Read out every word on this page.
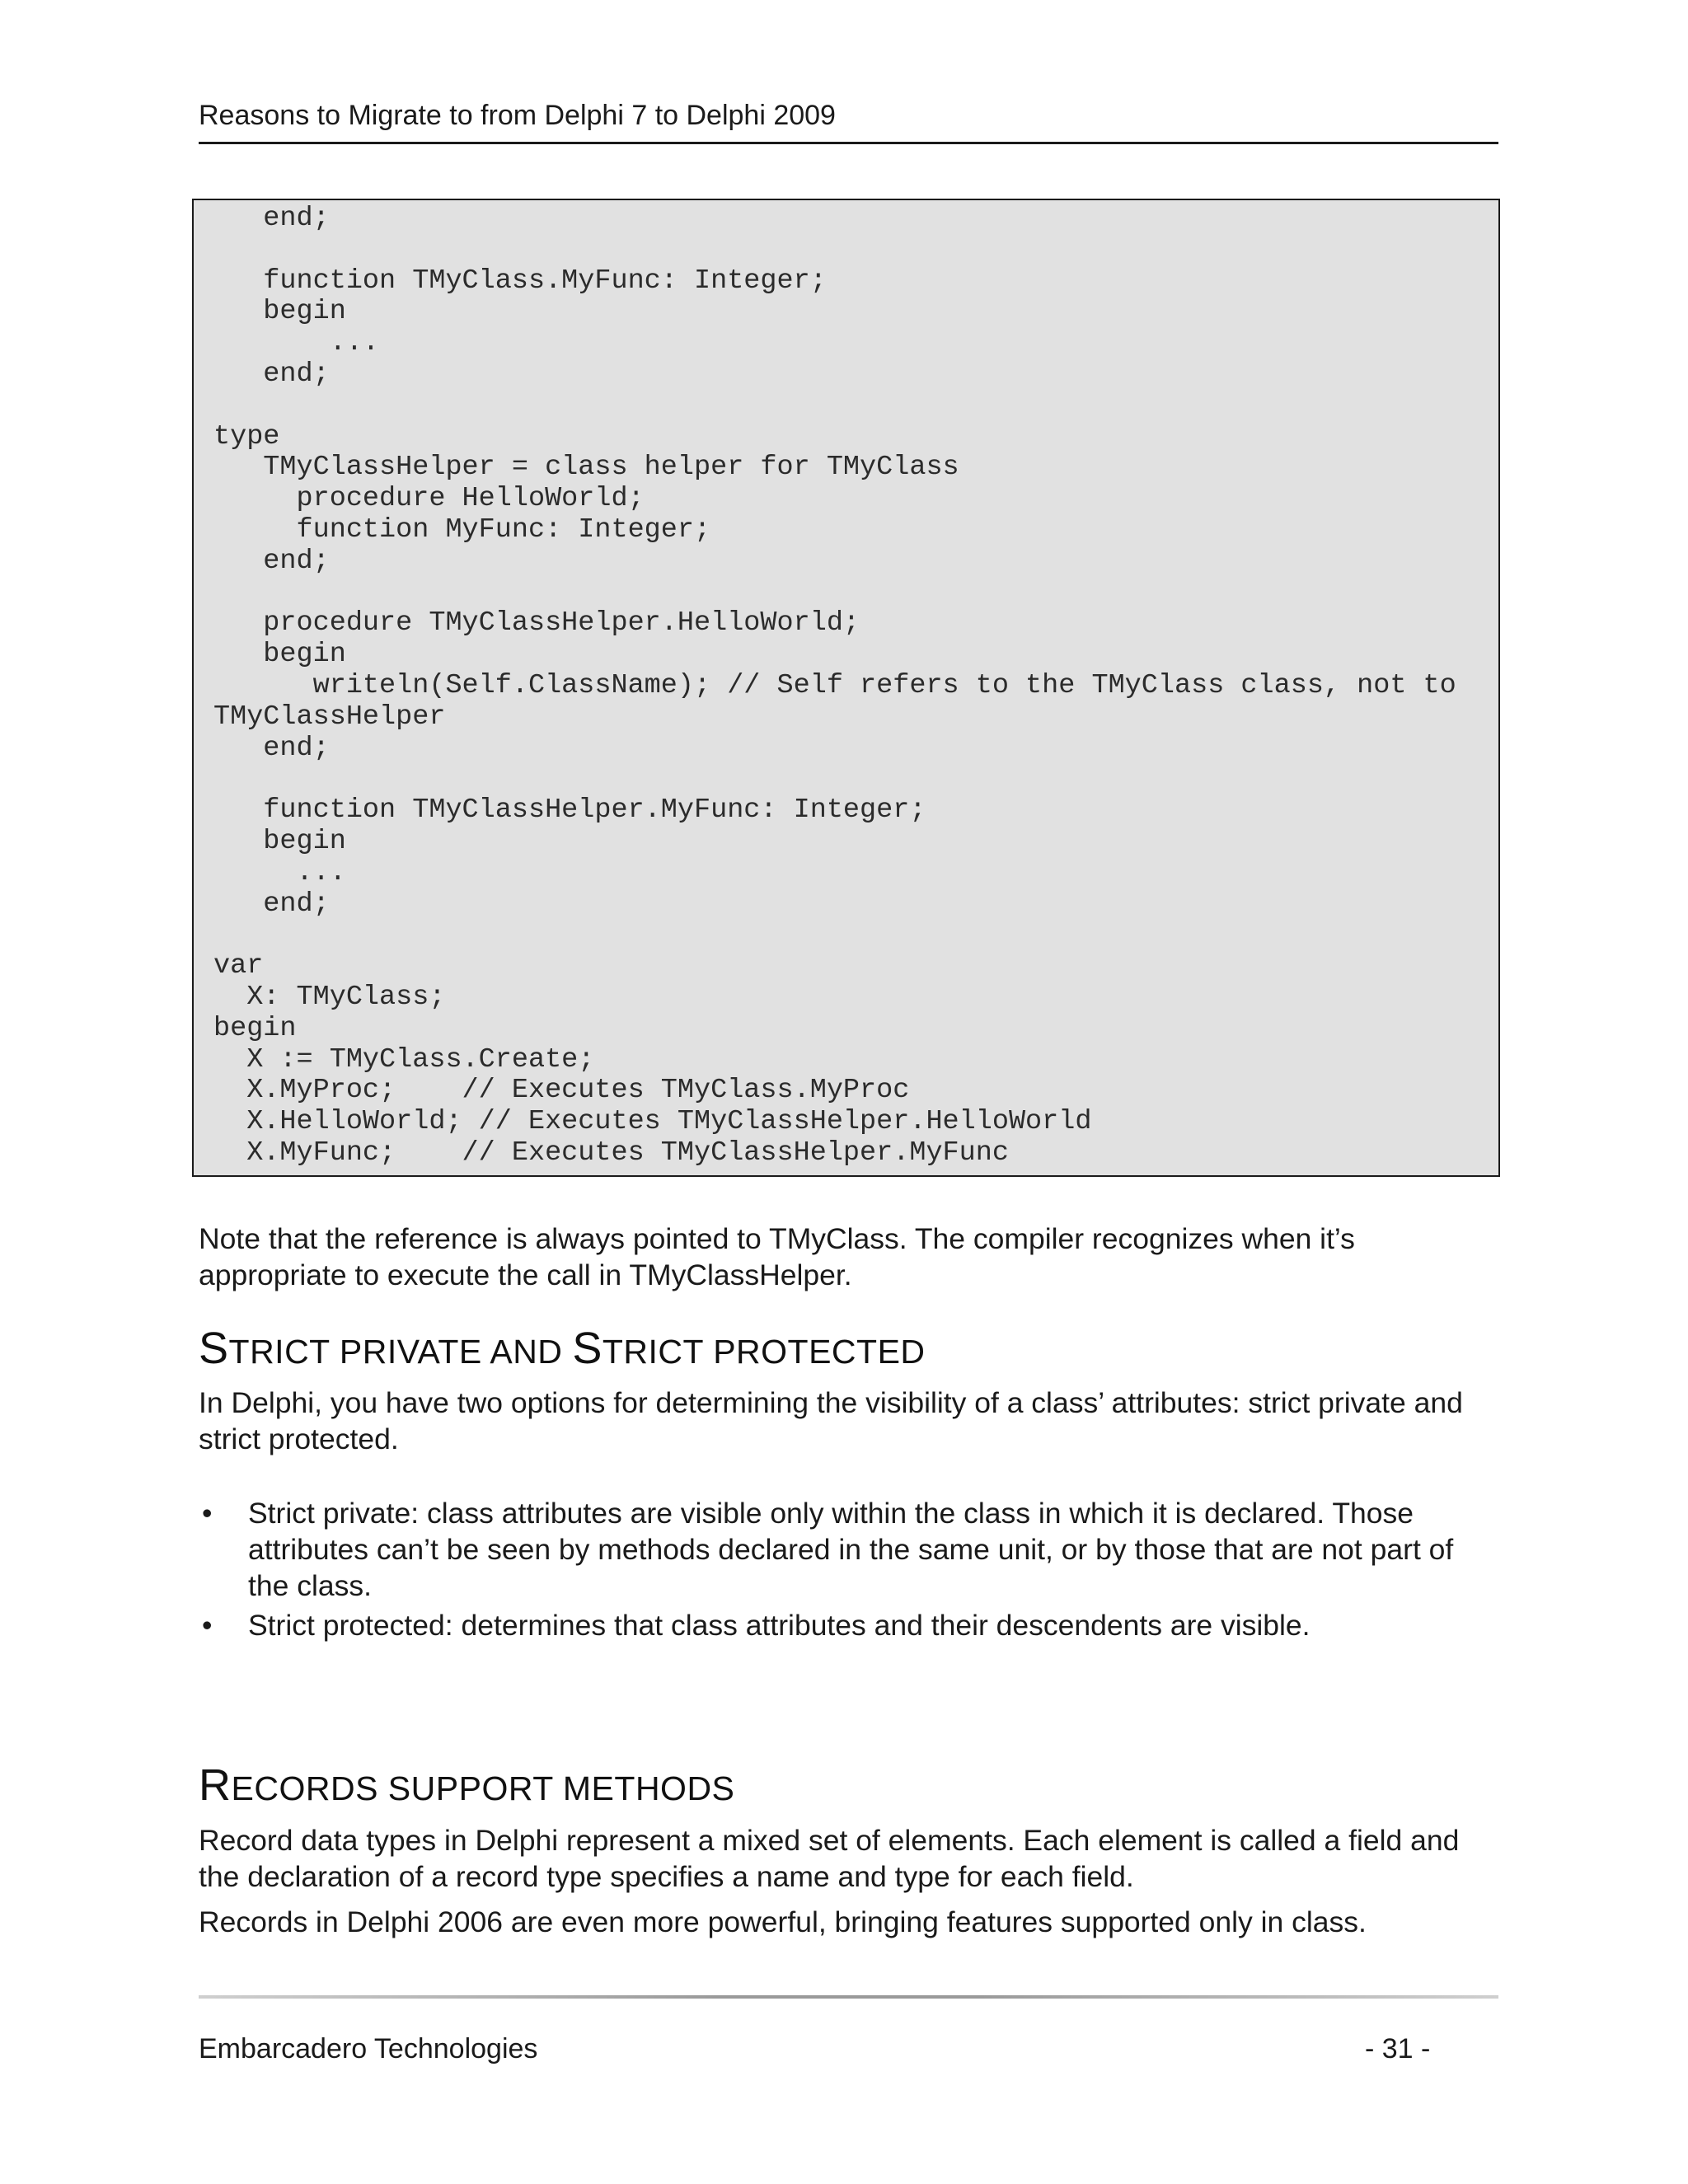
Reasons to Migrate to from Delphi 7 to Delphi 2009
end;
function TMyClass.MyFunc: Integer;
begin
...
end;
type
TMyClassHelper = class helper for TMyClass
procedure HelloWorld;
function MyFunc: Integer;
end;
procedure TMyClassHelper.HelloWorld;
begin
writeln(Self.ClassName); // Self refers to the TMyClass class, not to
TMyClassHelper
end;
function TMyClassHelper.MyFunc: Integer;
begin
...
end;
var
X: TMyClass;
begin
X := TMyClass.Create;
X.MyProc;    // Executes TMyClass.MyProc
X.HelloWorld; // Executes TMyClassHelper.HelloWorld
X.MyFunc;    // Executes TMyClassHelper.MyFunc

Note that the reference is always pointed to TMyClass. The compiler recognizes when it’s appropriate to execute the call in TMyClassHelper.

STRICT PRIVATE AND STRICT PROTECTED

In Delphi, you have two options for determining the visibility of a class’ attributes: strict private and strict protected.

• Strict private: class attributes are visible only within the class in which it is declared. Those attributes can’t be seen by methods declared in the same unit, or by those that are not part of the class.
• Strict protected: determines that class attributes and their descendents are visible.
RECORDS SUPPORT METHODS

Record data types in Delphi represent a mixed set of elements. Each element is called a field and the declaration of a record type specifies a name and type for each field.

Records in Delphi 2006 are even more powerful, bringing features supported only in class.

Embarcadero Technologies	- 31 -
